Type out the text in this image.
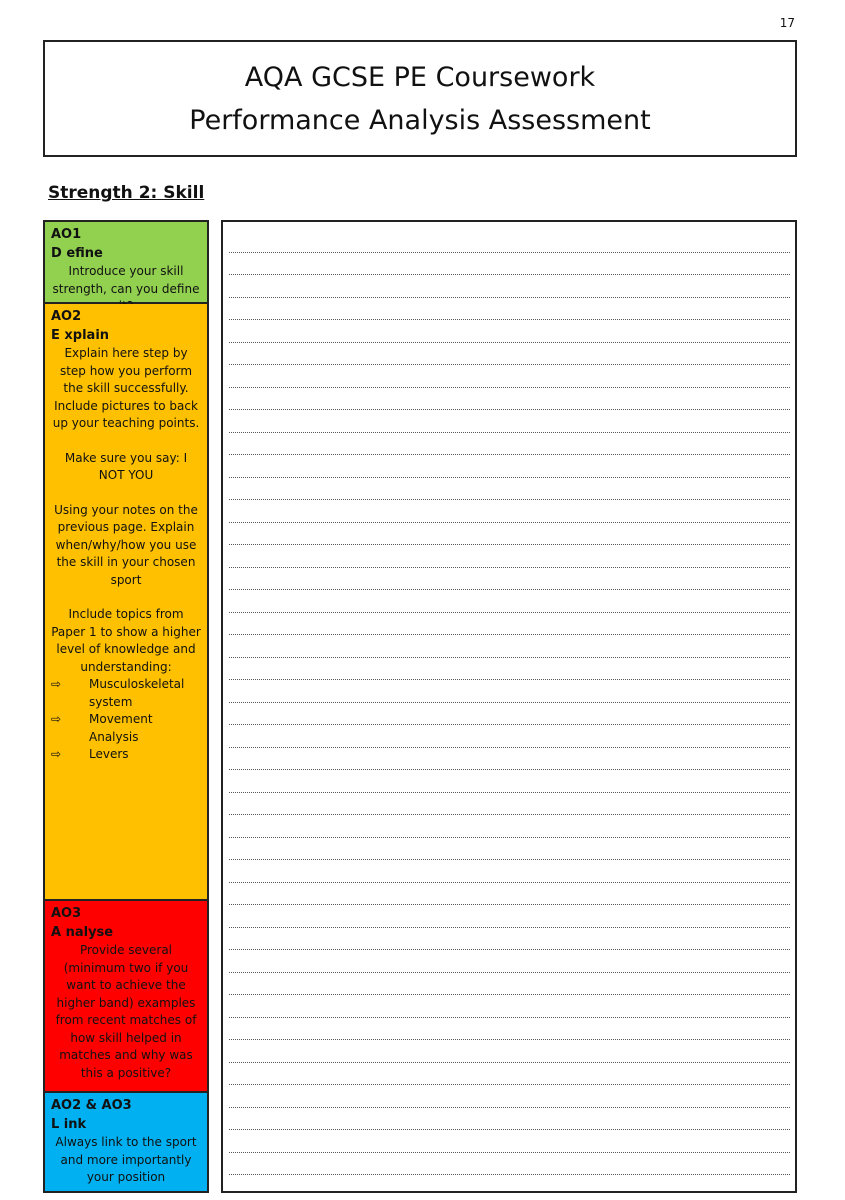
17
AQA GCSE PE Coursework
Performance Analysis Assessment
Strength 2: Skill
AO1
D efine
Introduce your skill strength, can you define
AO2
E xplain
Explain here step by step how you perform the skill successfully. Include pictures to back up your teaching points.
Make sure you say: I NOT YOU
Using your notes on the previous page. Explain when/why/how you use the skill in your chosen sport
Include topics from Paper 1 to show a higher level of knowledge and understanding:
⇨	Musculoskeletal system
⇨	Movement Analysis
⇨	Levers
AO3
A nalyse
Provide several (minimum two if you want to achieve the higher band) examples from recent matches of how skill helped in matches and why was this a positive?
AO2 & AO3
L ink
Always link to the sport and more importantly your position
